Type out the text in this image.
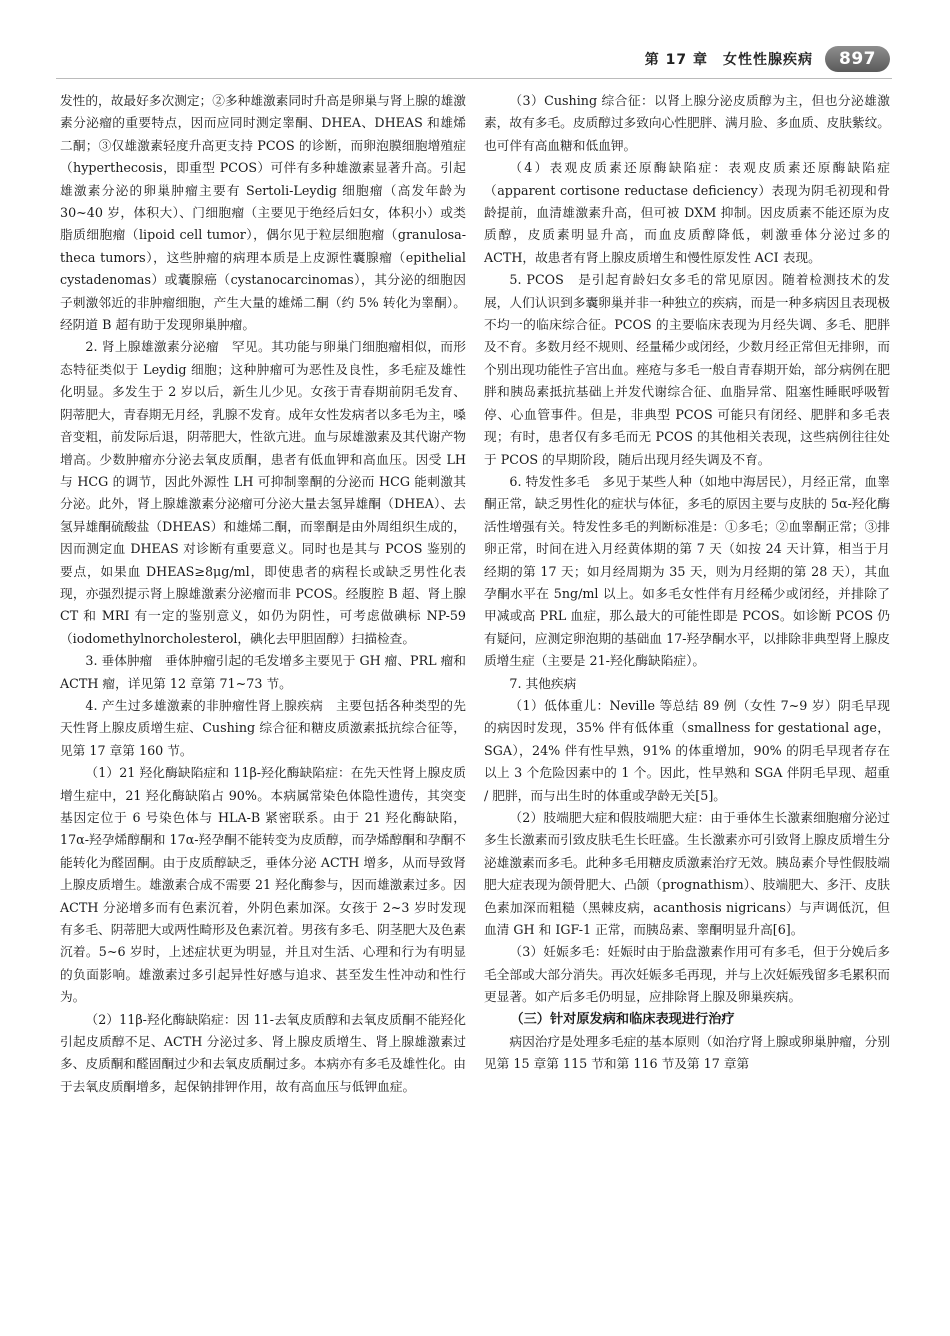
第 17 章　女性性腺疾病	897

发性的，故最好多次测定；②多种雄激素同时升高是卵巢与肾上腺的雄激素分泌瘤的重要特点，因而应同时测定睾酮、DHEA、DHEAS 和雄烯二酮；③仅雄激素轻度升高更支持 PCOS 的诊断，而卵泡膜细胞增殖症（hyperthecosis，即重型 PCOS）可伴有多种雄激素显著升高。引起雄激素分泌的卵巢肿瘤主要有 Sertoli-Leydig 细胞瘤（高发年龄为 30~40 岁，体积大）、门细胞瘤（主要见于绝经后妇女，体积小）或类脂质细胞瘤（lipoid cell tumor），偶尔见于粒层细胞瘤（granulosa-theca tumors），这些肿瘤的病理本质是上皮源性囊腺瘤（epithelial cystadenomas）或囊腺癌（cystanocarcinomas），其分泌的细胞因子刺激邻近的非肿瘤细胞，产生大量的雄烯二酮（约 5% 转化为睾酮）。经阴道 B 超有助于发现卵巢肿瘤。

2. 肾上腺雄激素分泌瘤　罕见。其功能与卵巢门细胞瘤相似，而形态特征类似于 Leydig 细胞；这种肿瘤可为恶性及良性，多毛症及雄性化明显。多发生于 2 岁以后，新生儿少见。女孩于青春期前阴毛发育、阴蒂肥大，青春期无月经，乳腺不发育。成年女性发病者以多毛为主，嗓音变粗，前发际后退，阴蒂肥大，性欲亢进。血与尿雄激素及其代谢产物增高。少数肿瘤亦分泌去氧皮质酮，患者有低血钾和高血压。因受 LH 与 HCG 的调节，因此外源性 LH 可抑制睾酮的分泌而 HCG 能刺激其分泌。此外，肾上腺雄激素分泌瘤可分泌大量去氢异雄酮（DHEA）、去氢异雄酮硫酸盐（DHEAS）和雄烯二酮，而睾酮是由外周组织生成的，因而测定血 DHEAS 对诊断有重要意义。同时也是其与 PCOS 鉴别的要点，如果血 DHEAS≥8μg/ml，即使患者的病程长或缺乏男性化表现，亦强烈提示肾上腺雄激素分泌瘤而非 PCOS。经腹腔 B 超、肾上腺 CT 和 MRI 有一定的鉴别意义，如仍为阴性，可考虑做碘标 NP-59（iodomethylnorcholesterol，碘化去甲胆固醇）扫描检查。

3. 垂体肿瘤　垂体肿瘤引起的毛发增多主要见于 GH 瘤、PRL 瘤和 ACTH 瘤，详见第 12 章第 71~73 节。

4. 产生过多雄激素的非肿瘤性肾上腺疾病　主要包括各种类型的先天性肾上腺皮质增生症、Cushing 综合征和糖皮质激素抵抗综合征等，见第 17 章第 160 节。

（1）21 羟化酶缺陷症和 11β-羟化酶缺陷症：在先天性肾上腺皮质增生症中，21 羟化酶缺陷占 90%。本病属常染色体隐性遗传，其突变基因定位于 6 号染色体与 HLA-B 紧密联系。由于 21 羟化酶缺陷，17α-羟孕烯醇酮和 17α-羟孕酮不能转变为皮质醇，而孕烯醇酮和孕酮不能转化为醛固酮。由于皮质醇缺乏，垂体分泌 ACTH 增多，从而导致肾上腺皮质增生。雄激素合成不需要 21 羟化酶参与，因而雄激素过多。因 ACTH 分泌增多而有色素沉着，外阴色素加深。女孩于 2~3 岁时发现有多毛、阴蒂肥大或两性畸形及色素沉着。男孩有多毛、阴茎肥大及色素沉着。5~6 岁时，上述症状更为明显，并且对生活、心理和行为有明显的负面影响。雄激素过多引起异性好感与追求、甚至发生性冲动和性行为。

（2）11β-羟化酶缺陷症：因 11-去氧皮质醇和去氧皮质酮不能羟化引起皮质醇不足、ACTH 分泌过多、肾上腺皮质增生、肾上腺雄激素过多、皮质酮和醛固酮过少和去氧皮质酮过多。本病亦有多毛及雄性化。由于去氧皮质酮增多，起保钠排钾作用，故有高血压与低钾血症。

（3）Cushing 综合征：以肾上腺分泌皮质醇为主，但也分泌雄激素，故有多毛。皮质醇过多致向心性肥胖、满月脸、多血质、皮肤紫纹。也可伴有高血糖和低血钾。

（4）表观皮质素还原酶缺陷症：表观皮质素还原酶缺陷症（apparent cortisone reductase deficiency）表现为阴毛初现和骨龄提前，血清雄激素升高，但可被 DXM 抑制。因皮质素不能还原为皮质醇，皮质素明显升高，而血皮质醇降低，刺激垂体分泌过多的 ACTH，故患者有肾上腺皮质增生和慢性原发性 ACI 表现。

5. PCOS　是引起育龄妇女多毛的常见原因。随着检测技术的发展，人们认识到多囊卵巢并非一种独立的疾病，而是一种多病因且表现极不均一的临床综合征。PCOS 的主要临床表现为月经失调、多毛、肥胖及不育。多数月经不规则、经量稀少或闭经，少数月经正常但无排卵，而个别出现功能性子宫出血。痤疮与多毛一般自青春期开始，部分病例在肥胖和胰岛素抵抗基础上并发代谢综合征、血脂异常、阻塞性睡眠呼吸暂停、心血管事件。但是，非典型 PCOS 可能只有闭经、肥胖和多毛表现；有时，患者仅有多毛而无 PCOS 的其他相关表现，这些病例往往处于 PCOS 的早期阶段，随后出现月经失调及不育。

6. 特发性多毛　多见于某些人种（如地中海居民），月经正常，血睾酮正常，缺乏男性化的症状与体征，多毛的原因主要与皮肤的 5α-羟化酶活性增强有关。特发性多毛的判断标准是：①多毛；②血睾酮正常；③排卵正常，时间在进入月经黄体期的第 7 天（如按 24 天计算，相当于月经期的第 17 天；如月经周期为 35 天，则为月经期的第 28 天），其血孕酮水平在 5ng/ml 以上。如多毛女性伴有月经稀少或闭经，并排除了甲减或高 PRL 血症，那么最大的可能性即是 PCOS。如诊断 PCOS 仍有疑问，应测定卵泡期的基础血 17-羟孕酮水平，以排除非典型肾上腺皮质增生症（主要是 21-羟化酶缺陷症）。

7. 其他疾病

（1）低体重儿：Neville 等总结 89 例（女性 7~9 岁）阴毛早现的病因时发现，35% 伴有低体重（smallness for gestational age，SGA），24% 伴有性早熟，91% 的体重增加，90% 的阴毛早现者存在以上 3 个危险因素中的 1 个。因此，性早熟和 SGA 伴阴毛早现、超重 / 肥胖，而与出生时的体重或孕龄无关[5]。

（2）肢端肥大症和假肢端肥大症：由于垂体生长激素细胞瘤分泌过多生长激素而引致皮肤毛生长旺盛。生长激素亦可引致肾上腺皮质增生分泌雄激素而多毛。此种多毛用糖皮质激素治疗无效。胰岛素介导性假肢端肥大症表现为颌骨肥大、凸颌（prognathism）、肢端肥大、多汗、皮肤色素加深而粗糙（黑棘皮病，acanthosis nigricans）与声调低沉，但血清 GH 和 IGF-1 正常，而胰岛素、睾酮明显升高[6]。

（3）妊娠多毛：妊娠时由于胎盘激素作用可有多毛，但于分娩后多毛全部或大部分消失。再次妊娠多毛再现，并与上次妊娠残留多毛累积而更显著。如产后多毛仍明显，应排除肾上腺及卵巢疾病。

（三）针对原发病和临床表现进行治疗

病因治疗是处理多毛症的基本原则（如治疗肾上腺或卵巢肿瘤，分别见第 15 章第 115 节和第 116 节及第 17 章第
